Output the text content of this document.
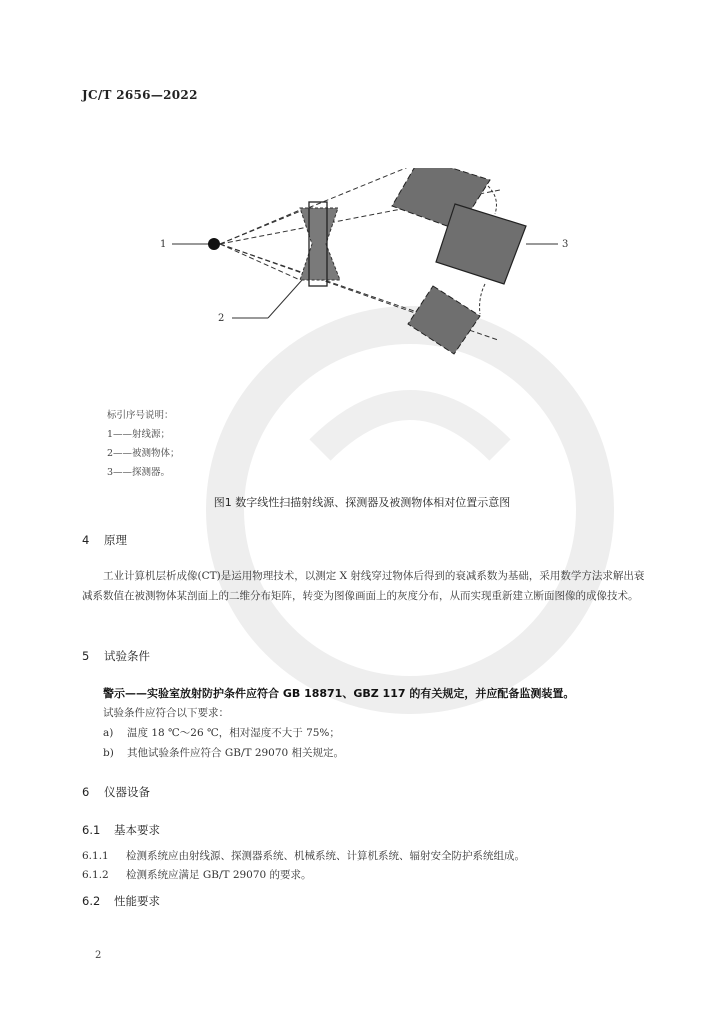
JC/T 2656—2022
1	3
2
标引序号说明：
1——射线源；
2——被测物体；
3——探测器。
图1 数字线性扫描射线源、探测器及被测物体相对位置示意图
4 原理
工业计算机层析成像(CT)是运用物理技术，以测定 X 射线穿过物体后得到的衰减系数为基础，采用数学方法求解出衰减系数值在被测物体某剖面上的二维分布矩阵，转变为图像画面上的灰度分布，从而实现重新建立断面图像的成像技术。
5 试验条件
警示——实验室放射防护条件应符合 GB 18871、GBZ 117 的有关规定，并应配备监测装置。
试验条件应符合以下要求：
a) 温度 18 ℃～26 ℃，相对湿度不大于 75%；
b) 其他试验条件应符合 GB/T 29070 相关规定。
6 仪器设备
6.1 基本要求
6.1.1 检测系统应由射线源、探测器系统、机械系统、计算机系统、辐射安全防护系统组成。
6.1.2 检测系统应满足 GB/T 29070 的要求。
6.2 性能要求
2
